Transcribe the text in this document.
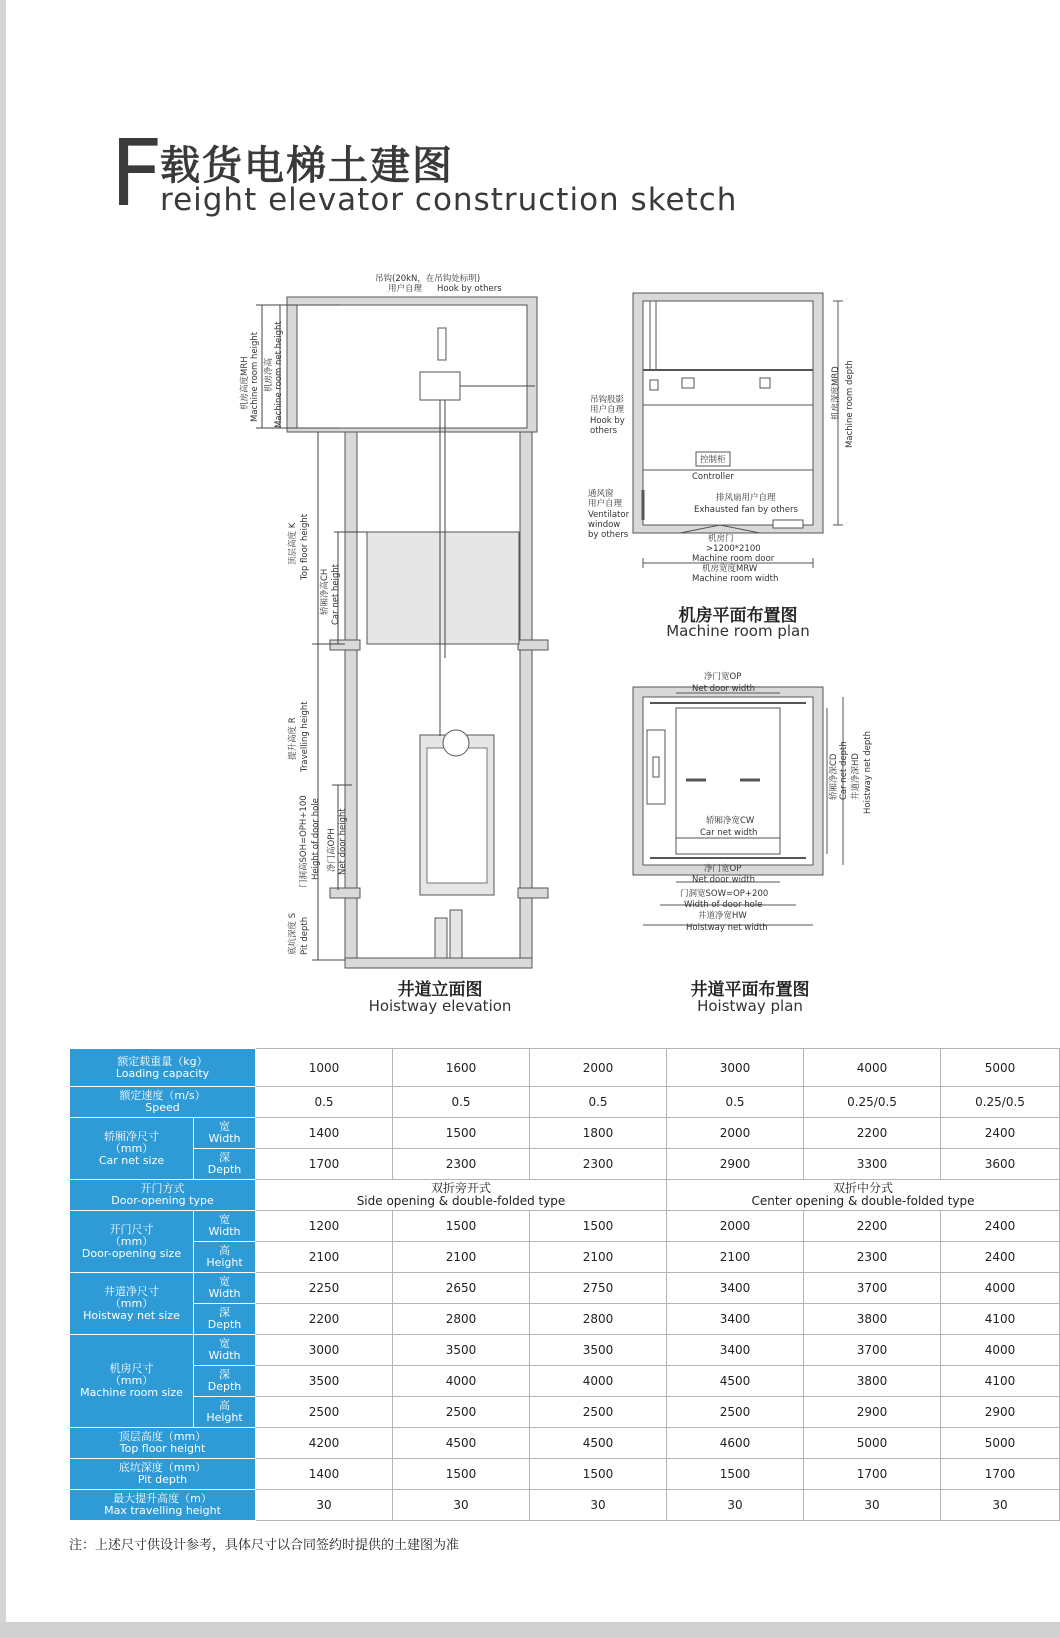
F
载货电梯土建图
reight elevator construction sketch
吊钩(20kN，在吊钩处标明)
用户自理 Hook by others
机房高度MRH Machine room height 机房净高 Machine room net height
顶层高度 K Top floor height
轿厢净高CH Car net height
提升高度 R Travelling height
门洞高SOH=OPH+100 Height of door hole 净门高OPH Net door height
底坑深度 S Pit depth
吊钩股影
用户自理
Hook by
others
控制柜
Controller
通风窗
用户自理
Ventilator
window
by others
排风扇用户自理
Exhausted fan by others
机房门
>1200*2100
Machine room door
机房宽度MRW
Machine room width
机房深度MRD Machine room depth
净门宽OP
Net door width
轿厢净深CD Car net depth 井道净深HD Hoistway net depth
轿厢净宽CW
Car net width
净门宽OP
Net door width
门洞宽SOW=OP+200
Width of door hole
井道净宽HW
Hoistway net width
井道立面图
Hoistway elevation
机房平面布置图
Machine room plan
井道平面布置图
Hoistway plan
额定载重量（kg）
Loading capacity		1000	1600	2000	3000	4000	5000

额定速度（m/s）
Speed		0.5	0.5	0.5	0.5	0.25/0.5	0.25/0.5

轿厢净尺寸
（mm）
Car net size	宽
Width	1400	1500	1800	2000	2200	2400

	深
Depth	1700	2300	2300	2900	3300	3600

开门方式
Door-opening type		双折旁开式
Side opening & double-folded type			双折中分式
Center opening & double-folded type		

开门尺寸
（mm）
Door-opening size	宽
Width	1200	1500	1500	2000	2200	2400

	高
Height	2100	2100	2100	2100	2300	2400

井道净尺寸
（mm）
Hoistway net size	宽
Width	2250	2650	2750	3400	3700	4000

	深
Depth	2200	2800	2800	3400	3800	4100

机房尺寸
（mm）
Machine room size	宽
Width	3000	3500	3500	3400	3700	4000

	深
Depth	3500	4000	4000	4500	3800	4100

	高
Height	2500	2500	2500	2500	2900	2900

顶层高度（mm）
Top floor height		4200	4500	4500	4600	5000	5000

底坑深度（mm）
Pit depth		1400	1500	1500	1500	1700	1700

最大提升高度（m）
Max travelling height		30	30	30	30	30	30
注：上述尺寸供设计参考，具体尺寸以合同签约时提供的土建图为准
